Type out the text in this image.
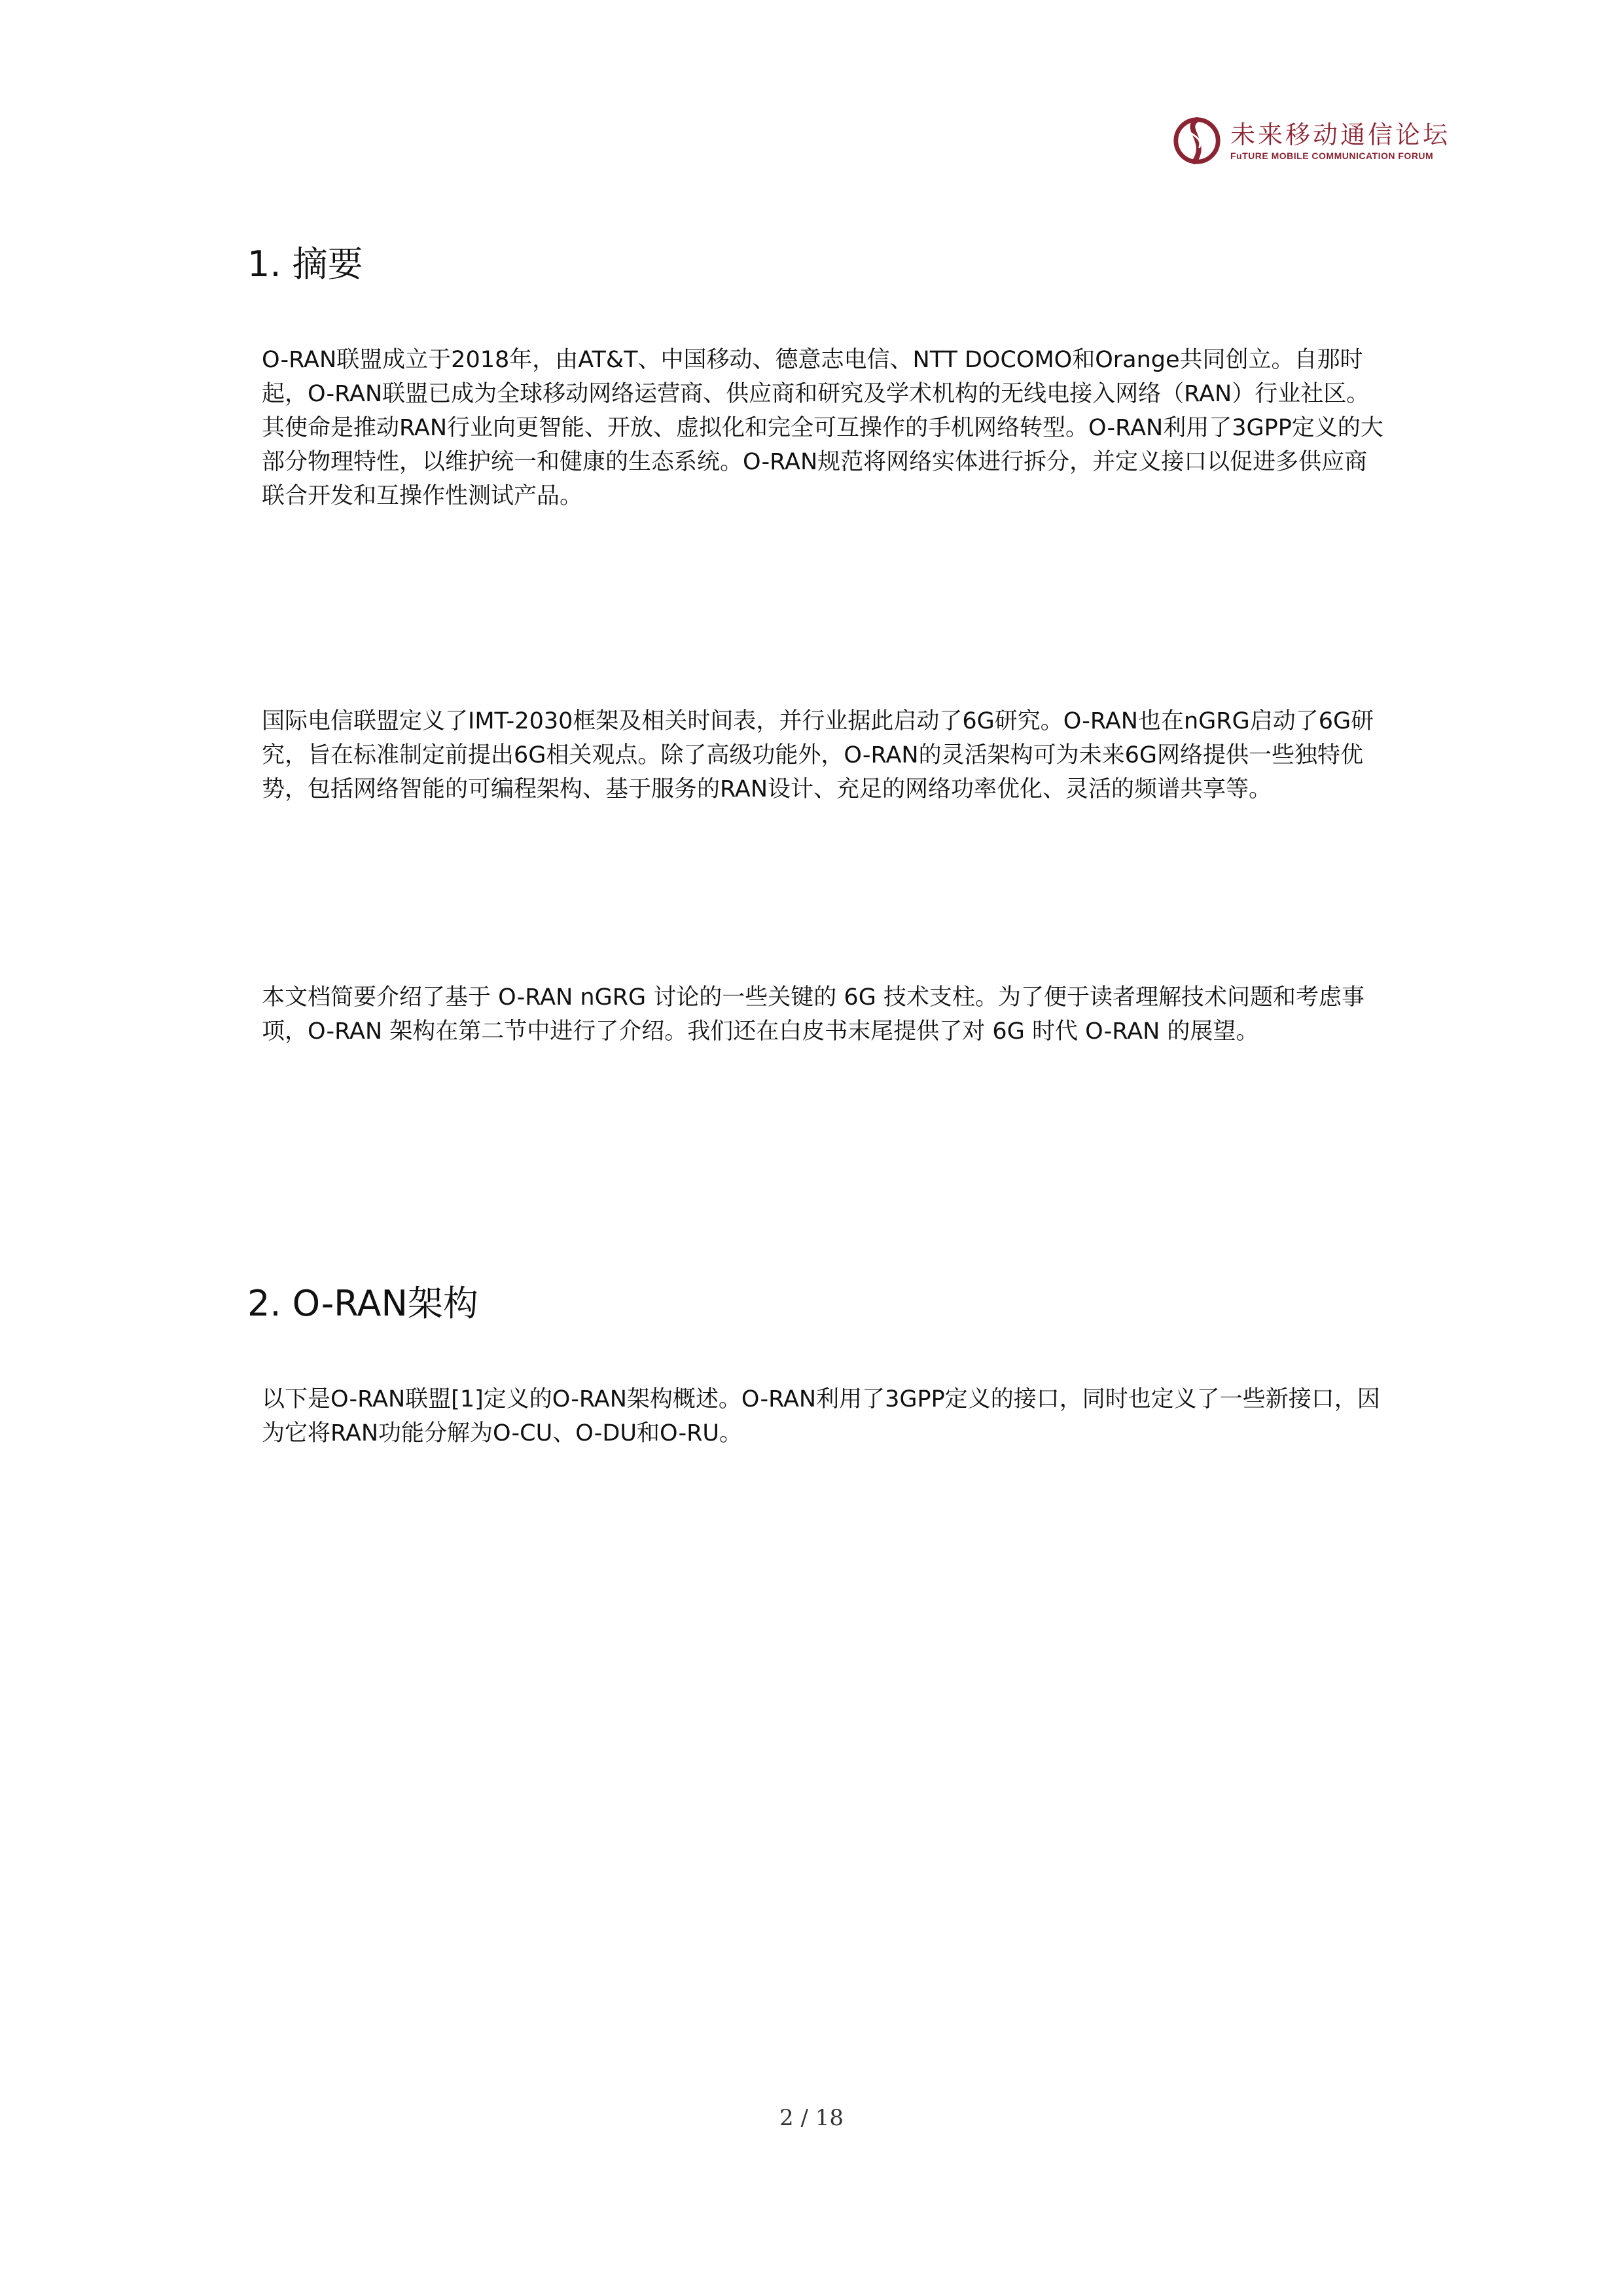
未来移动通信论坛
FuTURE MOBILE COMMUNICATION FORUM
1. 摘要

O-RAN联盟成立于2018年，由AT&T、中国移动、德意志电信、NTT DOCOMO和Orange共同创立。自那时起，O-RAN联盟已成为全球移动网络运营商、供应商和研究及学术机构的无线电接入网络（RAN）行业社区。其使命是推动RAN行业向更智能、开放、虚拟化和完全可互操作的手机网络转型。O-RAN利用了3GPP定义的大部分物理特性，以维护统一和健康的生态系统。O-RAN规范将网络实体进行拆分，并定义接口以促进多供应商联合开发和互操作性测试产品。

国际电信联盟定义了IMT-2030框架及相关时间表，并行业据此启动了6G研究。O-RAN也在nGRG启动了6G研究，旨在标准制定前提出6G相关观点。除了高级功能外，O-RAN的灵活架构可为未来6G网络提供一些独特优势，包括网络智能的可编程架构、基于服务的RAN设计、充足的网络功率优化、灵活的频谱共享等。

本文档简要介绍了基于 O-RAN nGRG 讨论的一些关键的 6G 技术支柱。为了便于读者理解技术问题和考虑事项，O-RAN 架构在第二节中进行了介绍。我们还在白皮书末尾提供了对 6G 时代 O-RAN 的展望。

2. O-RAN架构

以下是O-RAN联盟[1]定义的O-RAN架构概述。O-RAN利用了3GPP定义的接口，同时也定义了一些新接口，因为它将RAN功能分解为O-CU、O-DU和O-RU。

2 / 18
